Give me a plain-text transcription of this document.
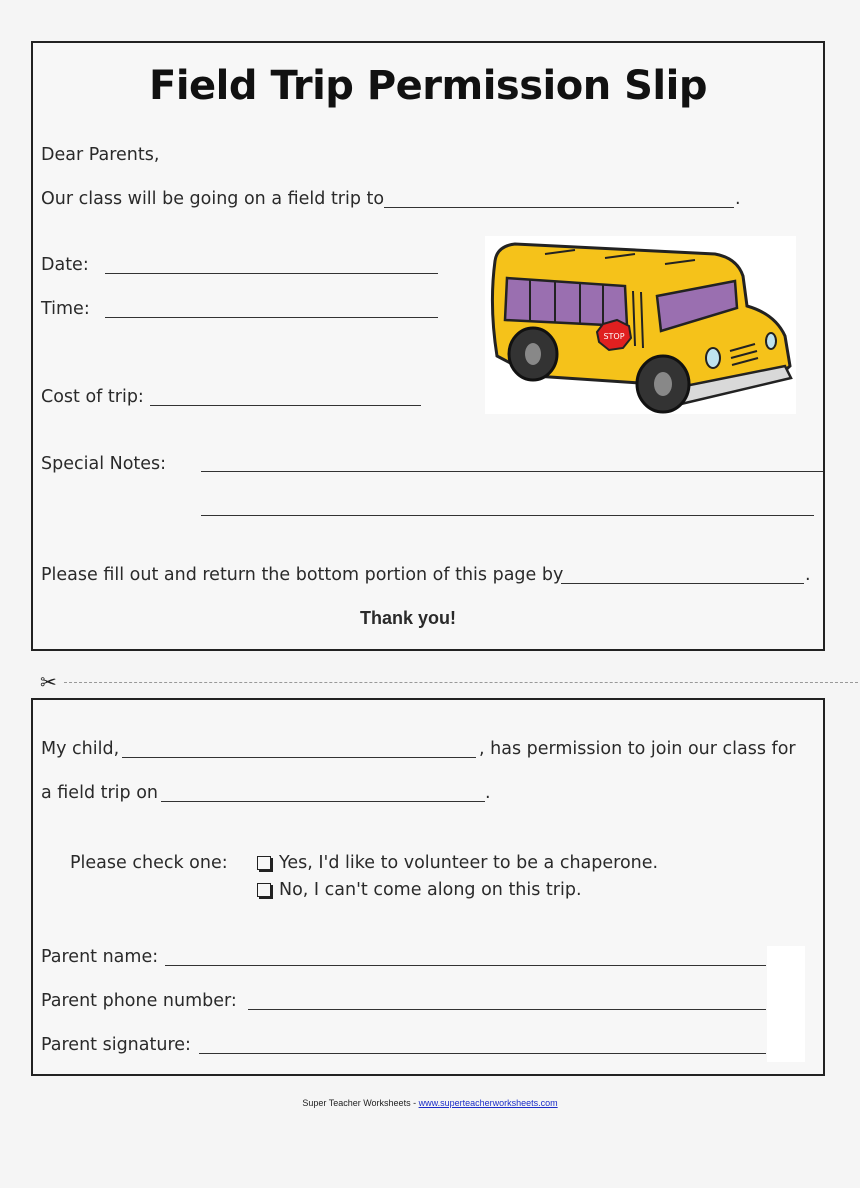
Field Trip Permission Slip
Dear Parents,
Our class will be going on a field trip to	.
Date:
Time:
Cost of trip:
Special Notes:
Please fill out and return the bottom portion of this page by	.
Thank you!
STOP
✂
My child,	, has permission to join our class for
a field trip on	.
Please check one:	Yes, I'd like to volunteer to be a chaperone.
No, I can't come along on this trip.
Parent name:
Parent phone number:
Parent signature:
Super Teacher Worksheets - www.superteacherworksheets.com
